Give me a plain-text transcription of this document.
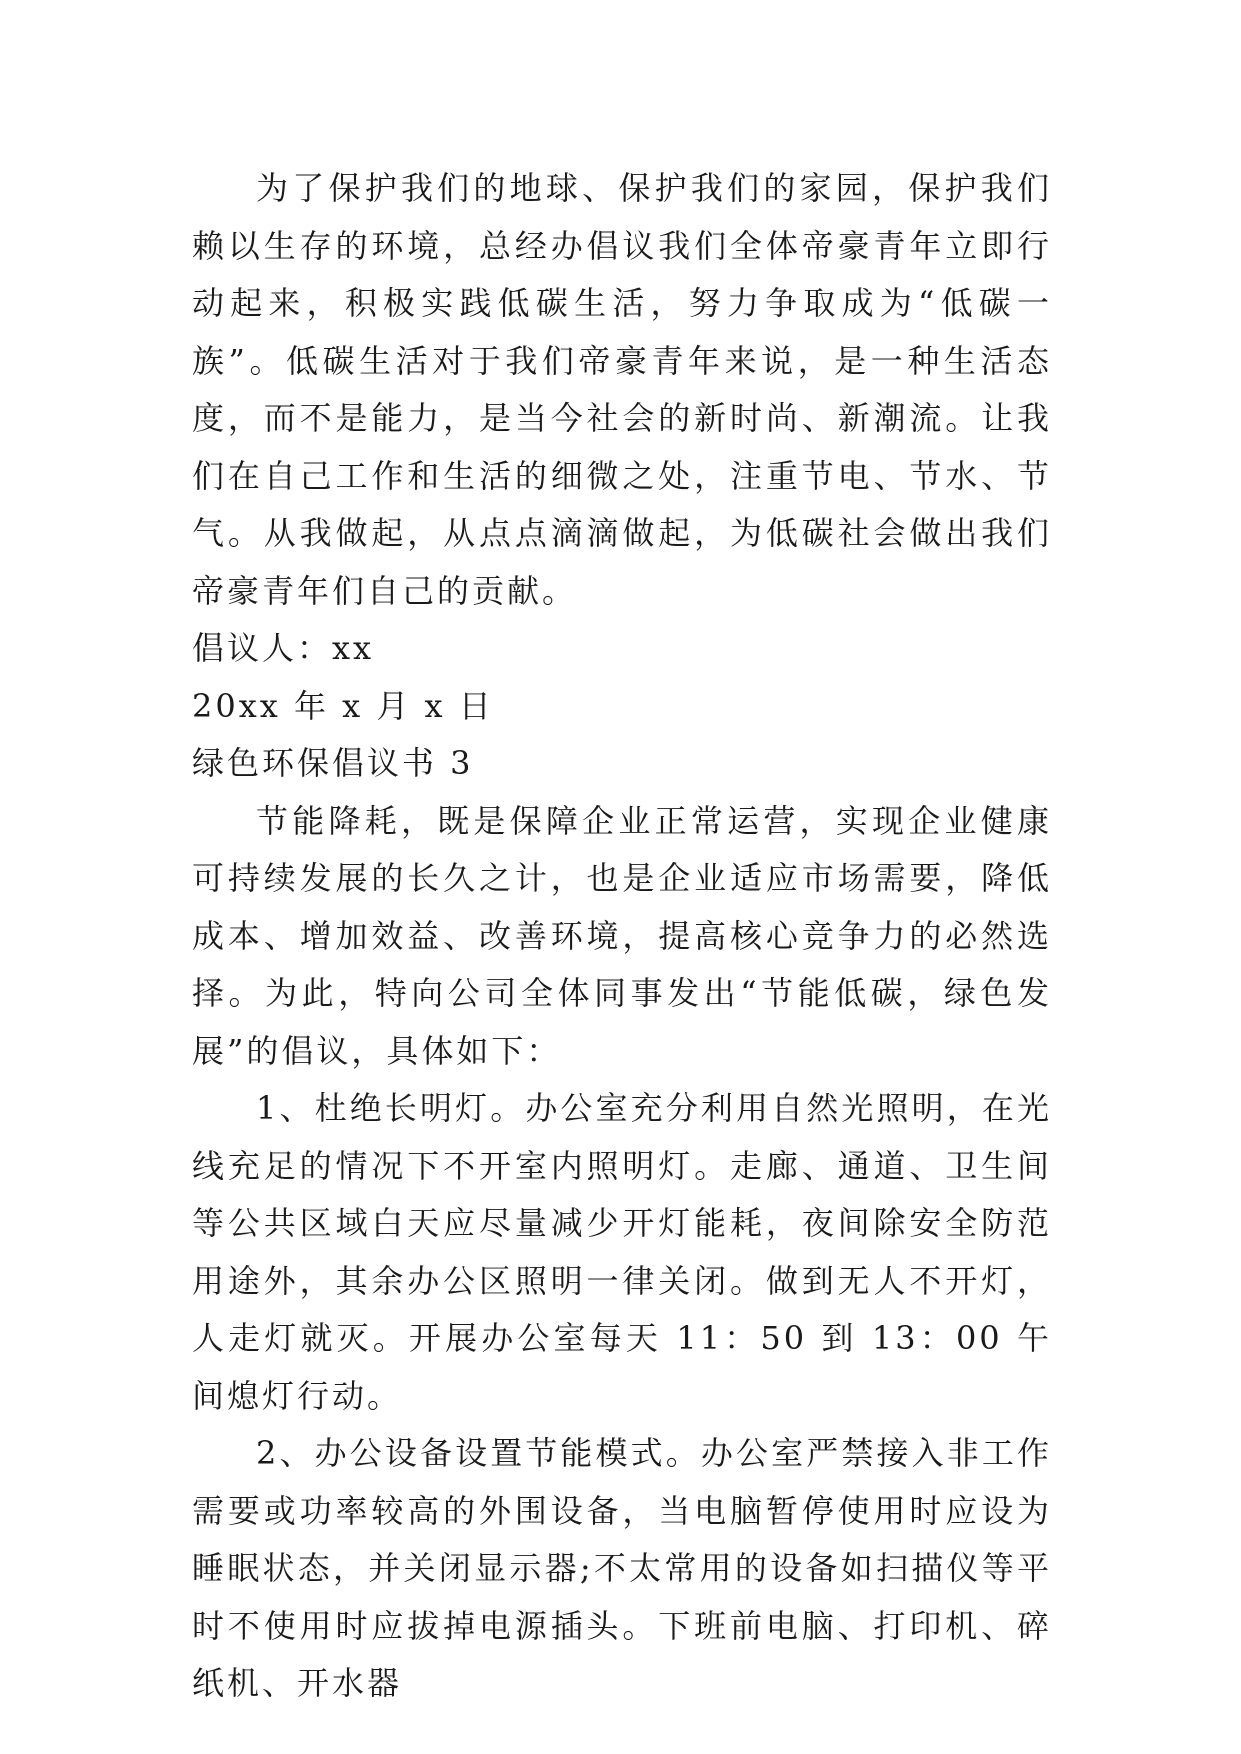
为了保护我们的地球、保护我们的家园，保护我们赖以生存的环境，总经办倡议我们全体帝豪青年立即行动起来，积极实践低碳生活，努力争取成为“低碳一族”。低碳生活对于我们帝豪青年来说，是一种生活态度，而不是能力，是当今社会的新时尚、新潮流。让我们在自己工作和生活的细微之处，注重节电、节水、节气。从我做起，从点点滴滴做起，为低碳社会做出我们帝豪青年们自己的贡献。

倡议人：xx

20xx 年 x 月 x 日

绿色环保倡议书 3

节能降耗，既是保障企业正常运营，实现企业健康可持续发展的长久之计，也是企业适应市场需要，降低成本、增加效益、改善环境，提高核心竞争力的必然选择。为此，特向公司全体同事发出“节能低碳，绿色发展”的倡议，具体如下：

1、杜绝长明灯。办公室充分利用自然光照明，在光线充足的情况下不开室内照明灯。走廊、通道、卫生间等公共区域白天应尽量减少开灯能耗，夜间除安全防范用途外，其余办公区照明一律关闭。做到无人不开灯，人走灯就灭。开展办公室每天 11：50 到 13：00 午间熄灯行动。

2、办公设备设置节能模式。办公室严禁接入非工作需要或功率较高的外围设备，当电脑暂停使用时应设为睡眠状态，并关闭显示器;不太常用的设备如扫描仪等平时不使用时应拔掉电源插头。下班前电脑、打印机、碎纸机、开水器
